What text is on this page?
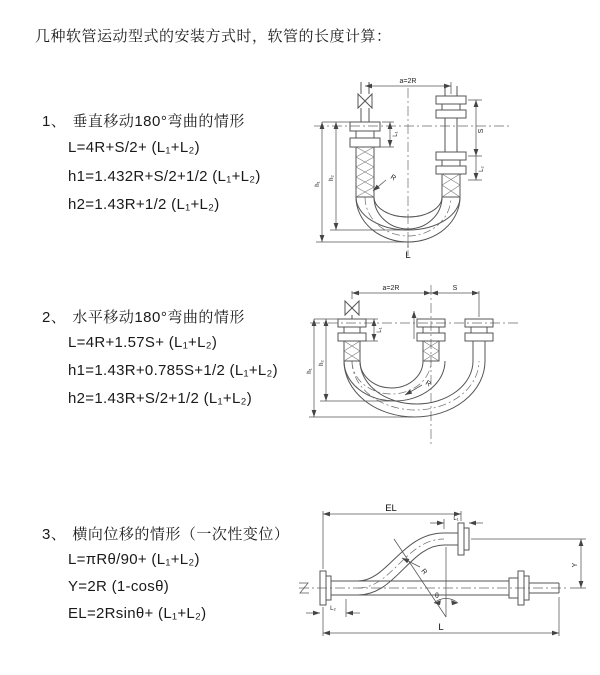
几种软管运动型式的安装方式时，软管的长度计算：
1、 垂直移动180°弯曲的情形
L=4R+S/2+ (L₁+L₂)
h1=1.432R+S/2+1/2 (L₁+L₂)
h2=1.43R+1/2 (L₁+L₂)
2、 水平移动180°弯曲的情形
L=4R+1.57S+ (L₁+L₂)
h1=1.43R+0.785S+1/2 (L₁+L₂)
h2=1.43R+S/2+1/2 (L₁+L₂)
3、 横向位移的情形（一次性变位）
L=πRθ/90+ (L₁+L₂)
Y=2R (1-cosθ)
EL=2Rsinθ+ (L₁+L₂)
a=2R
S
L₂
L₁
h₂
h₁
R
L
a=2R	S
h₂
h₁
L₁
R
EL
L₁
Y
L
L₂
R
θ
